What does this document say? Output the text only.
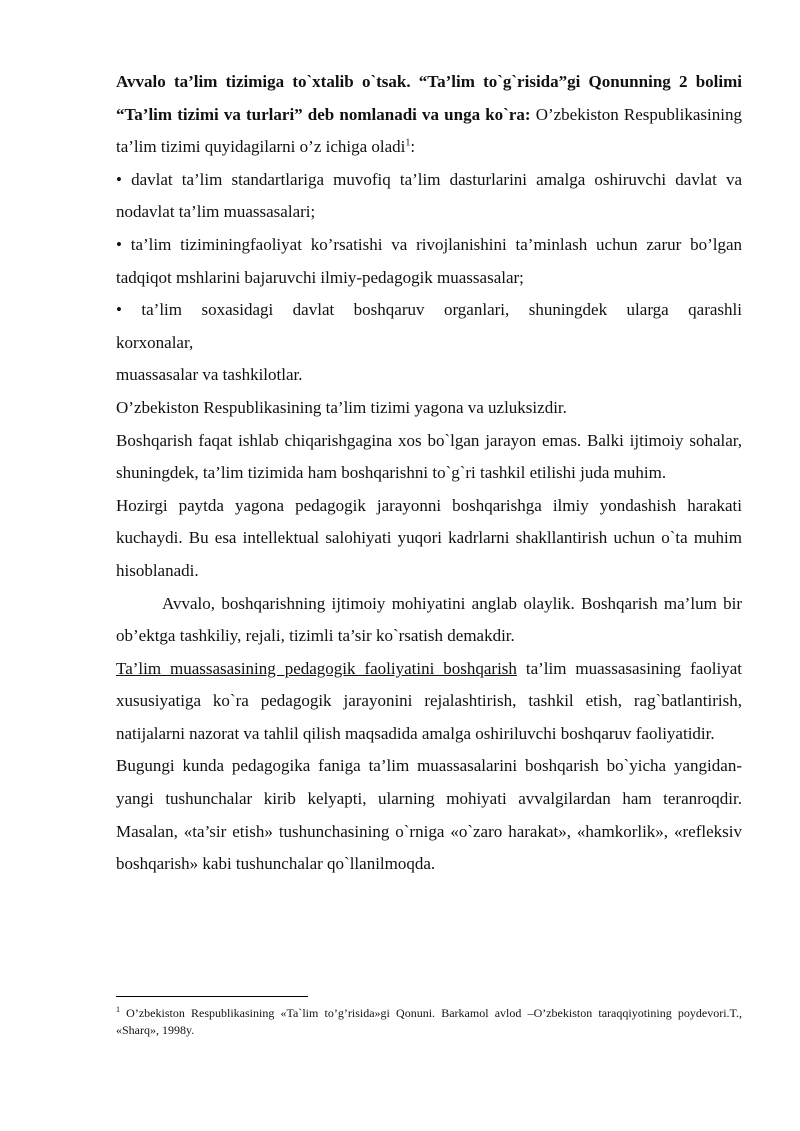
Avvalo ta’lim tizimiga to`xtalib o`tsak. “Ta’lim to`g`risida”gi Qonunning 2 bolimi “Ta’lim tizimi va turlari” deb nomlanadi va unga ko`ra: O’zbekiston Respublikasining ta’lim tizimi quyidagilarni o’z ichiga oladi$^1$:

• davlat ta’lim standartlariga muvofiq ta’lim dasturlarini amalga oshiruvchi davlat va nodavlat ta’lim muassasalari;

• ta’lim tiziminingfaoliyat ko’rsatishi va rivojlanishini ta’minlash uchun zarur bo’lgan tadqiqot mshlarini bajaruvchi ilmiy-pedagogik muassasalar;

• ta’lim soxasidagi davlat boshqaruv organlari, shuningdek ularga qarashli

korxonalar,

muassasalar va tashkilotlar.

O’zbekiston Respublikasining ta’lim tizimi yagona va uzluksizdir.

Boshqarish faqat ishlab chiqarishgagina xos bo`lgan jarayon emas. Balki ijtimoiy sohalar, shuningdek, ta’lim tizimida ham boshqarishni to`g`ri tashkil etilishi juda muhim.

Hozirgi paytda yagona pedagogik jarayonni boshqarishga ilmiy yondashish harakati kuchaydi. Bu esa intellektual salohiyati yuqori kadrlarni shakllantirish uchun o`ta muhim hisoblanadi.

Avvalo, boshqarishning ijtimoiy mohiyatini anglab olaylik. Boshqarish ma’lum bir ob’ektga tashkiliy, rejali, tizimli ta’sir ko`rsatish demakdir.

Ta’lim muassasasining pedagogik faoliyatini boshqarish ta’lim muassasasining faoliyat xususiyatiga ko`ra pedagogik jarayonini rejalashtirish, tashkil etish, rag`batlantirish, natijalarni nazorat va tahlil qilish maqsadida amalga oshiriluvchi boshqaruv faoliyatidir.

Bugungi kunda pedagogika faniga ta’lim muassasalarini boshqarish bo`yicha yangidan-yangi tushunchalar kirib kelyapti, ularning mohiyati avvalgilardan ham teranroqdir. Masalan, «ta’sir etish» tushunchasining o`rniga «o`zaro harakat», «hamkorlik», «refleksiv boshqarish» kabi tushunchalar qo`llanilmoqda.

$^1$ O’zbekiston Respublikasining «Ta`lim to’g’risida»gi Qonuni. Barkamol avlod –O’zbekiston taraqqiyotining poydevori.T., «Sharq», 1998y.
